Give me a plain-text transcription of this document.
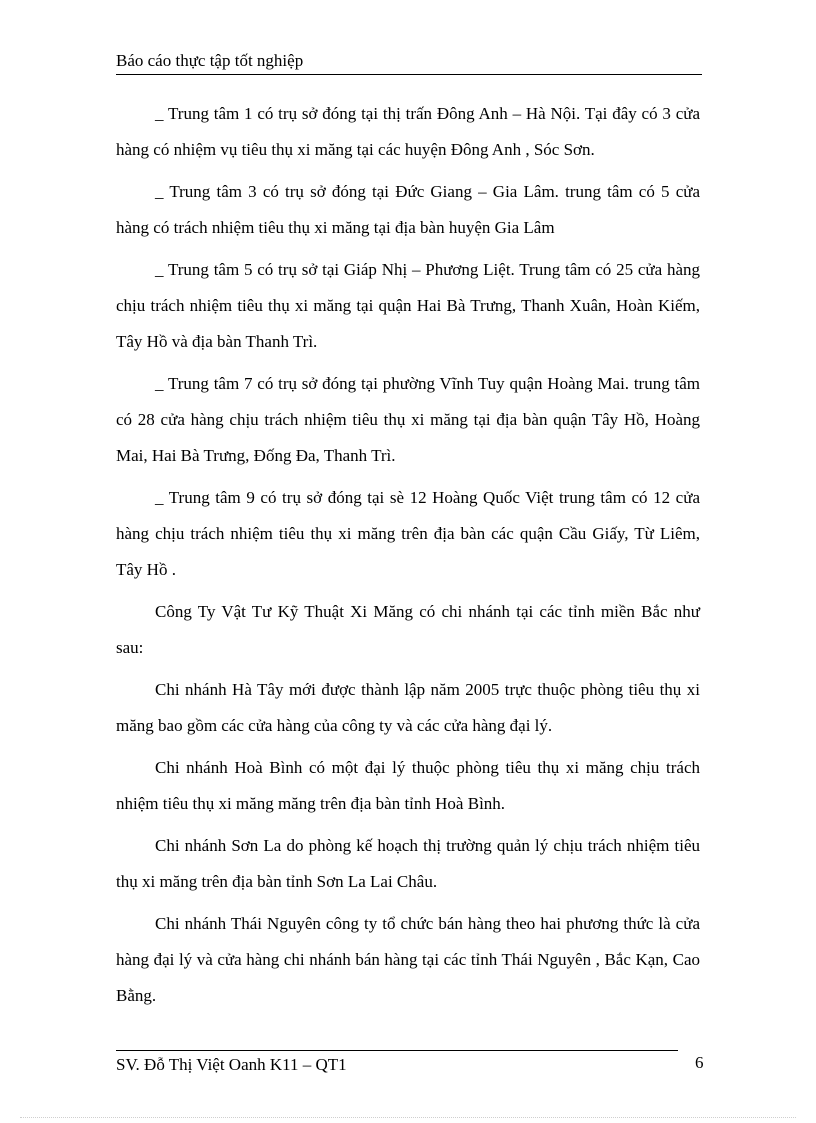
Báo cáo thực tập tốt nghiệp

_ Trung tâm 1 có trụ sở đóng tại thị trấn Đông Anh – Hà Nội. Tại đây có 3 cửa hàng có nhiệm vụ tiêu thụ xi măng tại các huyện Đông Anh , Sóc Sơn.

_ Trung tâm 3 có trụ sở đóng tại Đức Giang – Gia Lâm. trung tâm có 5 cửa hàng có trách nhiệm tiêu thụ xi măng tại địa bàn huyện Gia Lâm

_ Trung tâm 5 có trụ sở tại Giáp Nhị – Phương Liệt. Trung tâm có 25 cửa hàng chịu trách nhiệm tiêu thụ xi măng tại quận Hai Bà Trưng, Thanh Xuân, Hoàn Kiếm, Tây Hồ và địa bàn Thanh Trì.

_ Trung tâm 7 có trụ sở đóng tại phường Vĩnh Tuy quận Hoàng Mai. trung tâm có 28 cửa hàng chịu trách nhiệm tiêu thụ xi măng tại địa bàn quận Tây Hồ, Hoàng Mai, Hai Bà Trưng, Đống Đa, Thanh Trì.

_ Trung tâm 9 có trụ sở đóng tại sè 12 Hoàng Quốc Việt trung tâm có 12 cửa hàng chịu trách nhiệm tiêu thụ xi măng trên địa bàn các quận Cầu Giấy, Từ Liêm, Tây Hồ .

Công Ty Vật Tư Kỹ Thuật Xi Măng có chi nhánh tại các tỉnh miền Bắc như sau:

Chi nhánh Hà Tây mới được thành lập năm 2005 trực thuộc phòng tiêu thụ xi măng bao gồm các cửa hàng của công ty và các cửa hàng đại lý.

Chi nhánh Hoà Bình có một đại lý thuộc phòng tiêu thụ xi măng chịu trách nhiệm tiêu thụ xi măng măng trên địa bàn tỉnh Hoà Bình.

Chi nhánh Sơn La do phòng kế hoạch thị trường quản lý chịu trách nhiệm tiêu thụ xi măng trên địa bàn tỉnh Sơn La Lai Châu.

Chi nhánh Thái Nguyên công ty tổ chức bán hàng theo hai phương thức là cửa hàng đại lý và cửa hàng chi nhánh bán hàng tại các tỉnh Thái Nguyên , Bắc Kạn, Cao Bằng.

SV. Đỗ Thị Việt Oanh K11 – QT1	6
